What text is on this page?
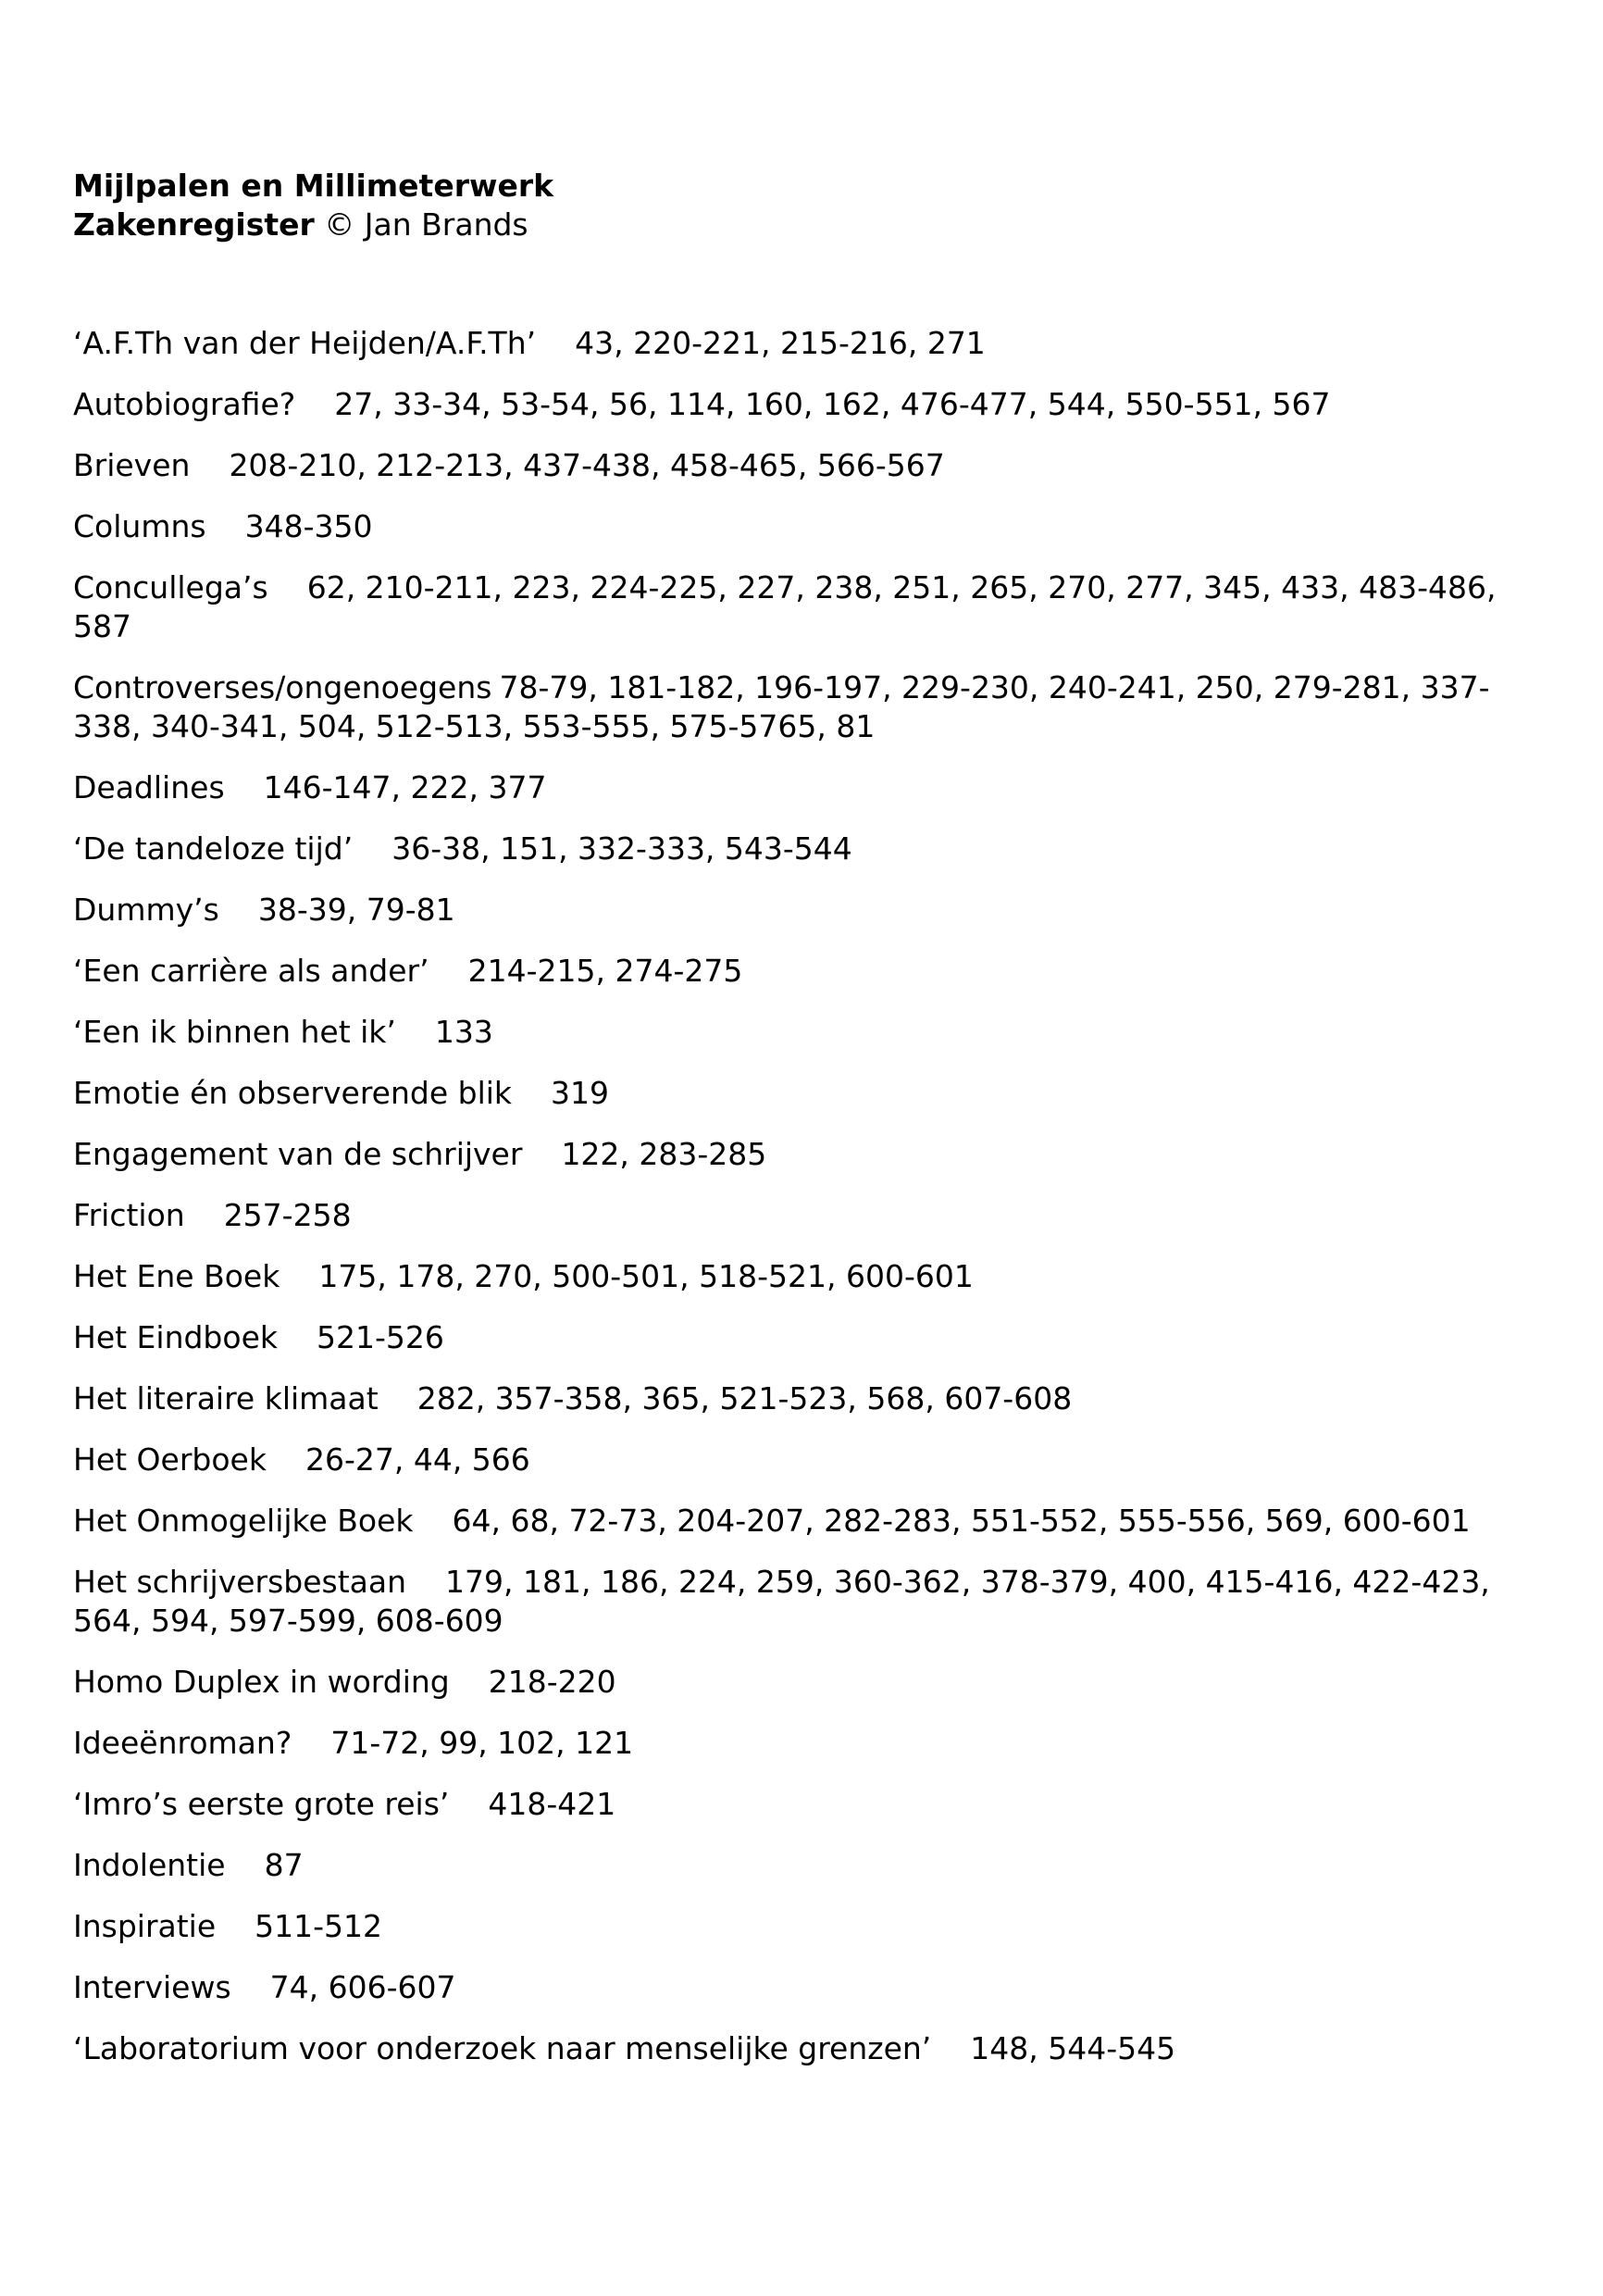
Mijlpalen en Millimeterwerk
Zakenregister © Jan Brands
‘A.F.Th van der Heijden/A.F.Th’ 43, 220-221, 215-216, 271
Autobiografie? 27, 33-34, 53-54, 56, 114, 160, 162, 476-477, 544, 550-551, 567
Brieven 208-210, 212-213, 437-438, 458-465, 566-567
Columns 348-350
Concullega’s 62, 210-211, 223, 224-225, 227, 238, 251, 265, 270, 277, 345, 433, 483-486, 587
Controverses/ongenoegens 78-79, 181-182, 196-197, 229-230, 240-241, 250, 279-281, 337-338, 340-341, 504, 512-513, 553-555, 575-5765, 81
Deadlines 146-147, 222, 377
‘De tandeloze tijd’ 36-38, 151, 332-333, 543-544
Dummy’s 38-39, 79-81
‘Een carrière als ander’ 214-215, 274-275
‘Een ik binnen het ik’ 133
Emotie én observerende blik 319
Engagement van de schrijver 122, 283-285
Friction 257-258
Het Ene Boek 175, 178, 270, 500-501, 518-521, 600-601
Het Eindboek 521-526
Het literaire klimaat 282, 357-358, 365, 521-523, 568, 607-608
Het Oerboek 26-27, 44, 566
Het Onmogelijke Boek 64, 68, 72-73, 204-207, 282-283, 551-552, 555-556, 569, 600-601
Het schrijversbestaan 179, 181, 186, 224, 259, 360-362, 378-379, 400, 415-416, 422-423, 564, 594, 597-599, 608-609
Homo Duplex in wording 218-220
Ideeënroman? 71-72, 99, 102, 121
‘Imro’s eerste grote reis’ 418-421
Indolentie 87
Inspiratie 511-512
Interviews 74, 606-607
‘Laboratorium voor onderzoek naar menselijke grenzen’ 148, 544-545
